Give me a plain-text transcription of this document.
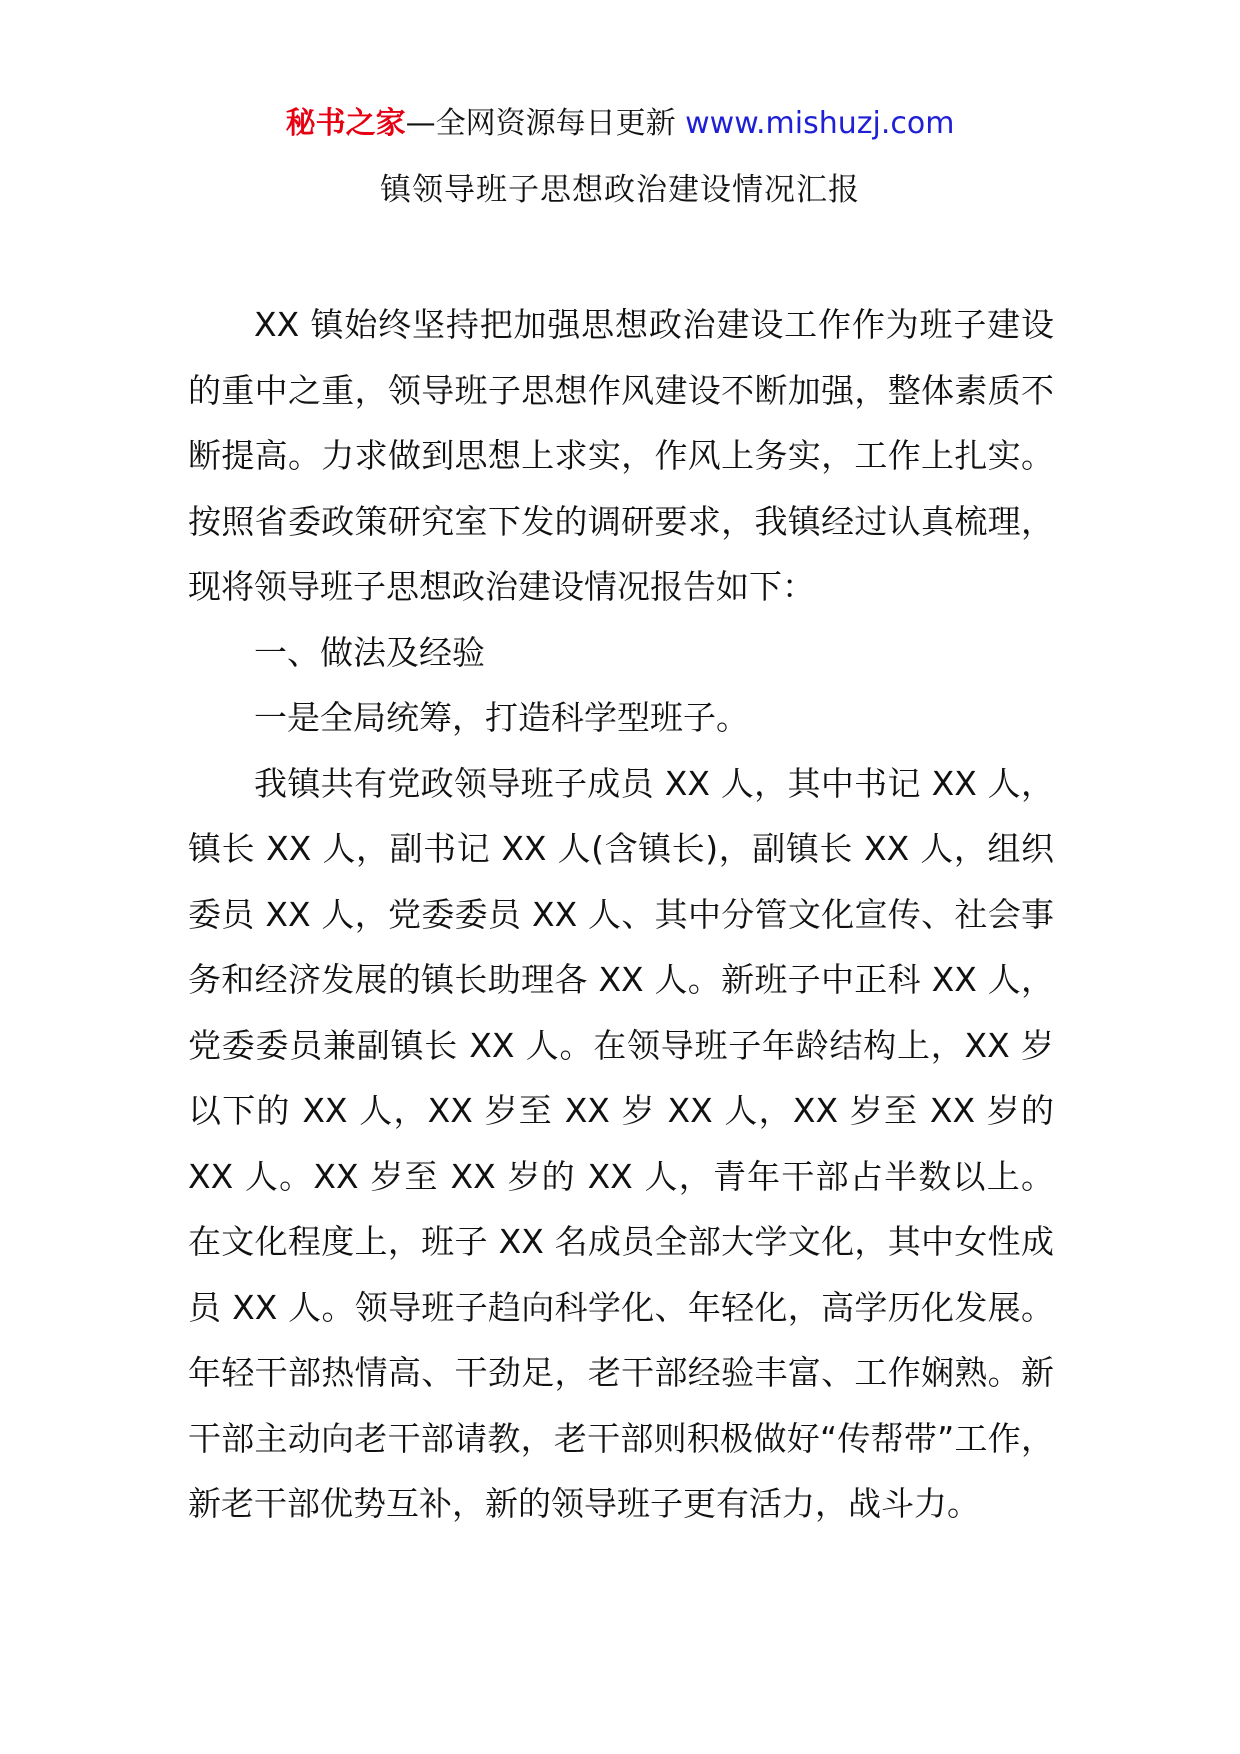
秘书之家—全网资源每日更新 www.mishuzj.com
镇领导班子思想政治建设情况汇报

XX 镇始终坚持把加强思想政治建设工作作为班子建设的重中之重，领导班子思想作风建设不断加强，整体素质不断提高。力求做到思想上求实，作风上务实，工作上扎实。按照省委政策研究室下发的调研要求，我镇经过认真梳理，现将领导班子思想政治建设情况报告如下：

一、做法及经验

一是全局统筹，打造科学型班子。

我镇共有党政领导班子成员 XX 人，其中书记 XX 人，镇长 XX 人，副书记 XX 人(含镇长)，副镇长 XX 人，组织委员 XX 人，党委委员 XX 人、其中分管文化宣传、社会事务和经济发展的镇长助理各 XX 人。新班子中正科 XX 人，党委委员兼副镇长 XX 人。在领导班子年龄结构上，XX 岁以下的 XX 人，XX 岁至 XX 岁 XX 人，XX 岁至 XX 岁的 XX 人。XX 岁至 XX 岁的 XX 人，青年干部占半数以上。在文化程度上，班子 XX 名成员全部大学文化，其中女性成员 XX 人。领导班子趋向科学化、年轻化，高学历化发展。年轻干部热情高、干劲足，老干部经验丰富、工作娴熟。新干部主动向老干部请教，老干部则积极做好“传帮带”工作，新老干部优势互补，新的领导班子更有活力，战斗力。
